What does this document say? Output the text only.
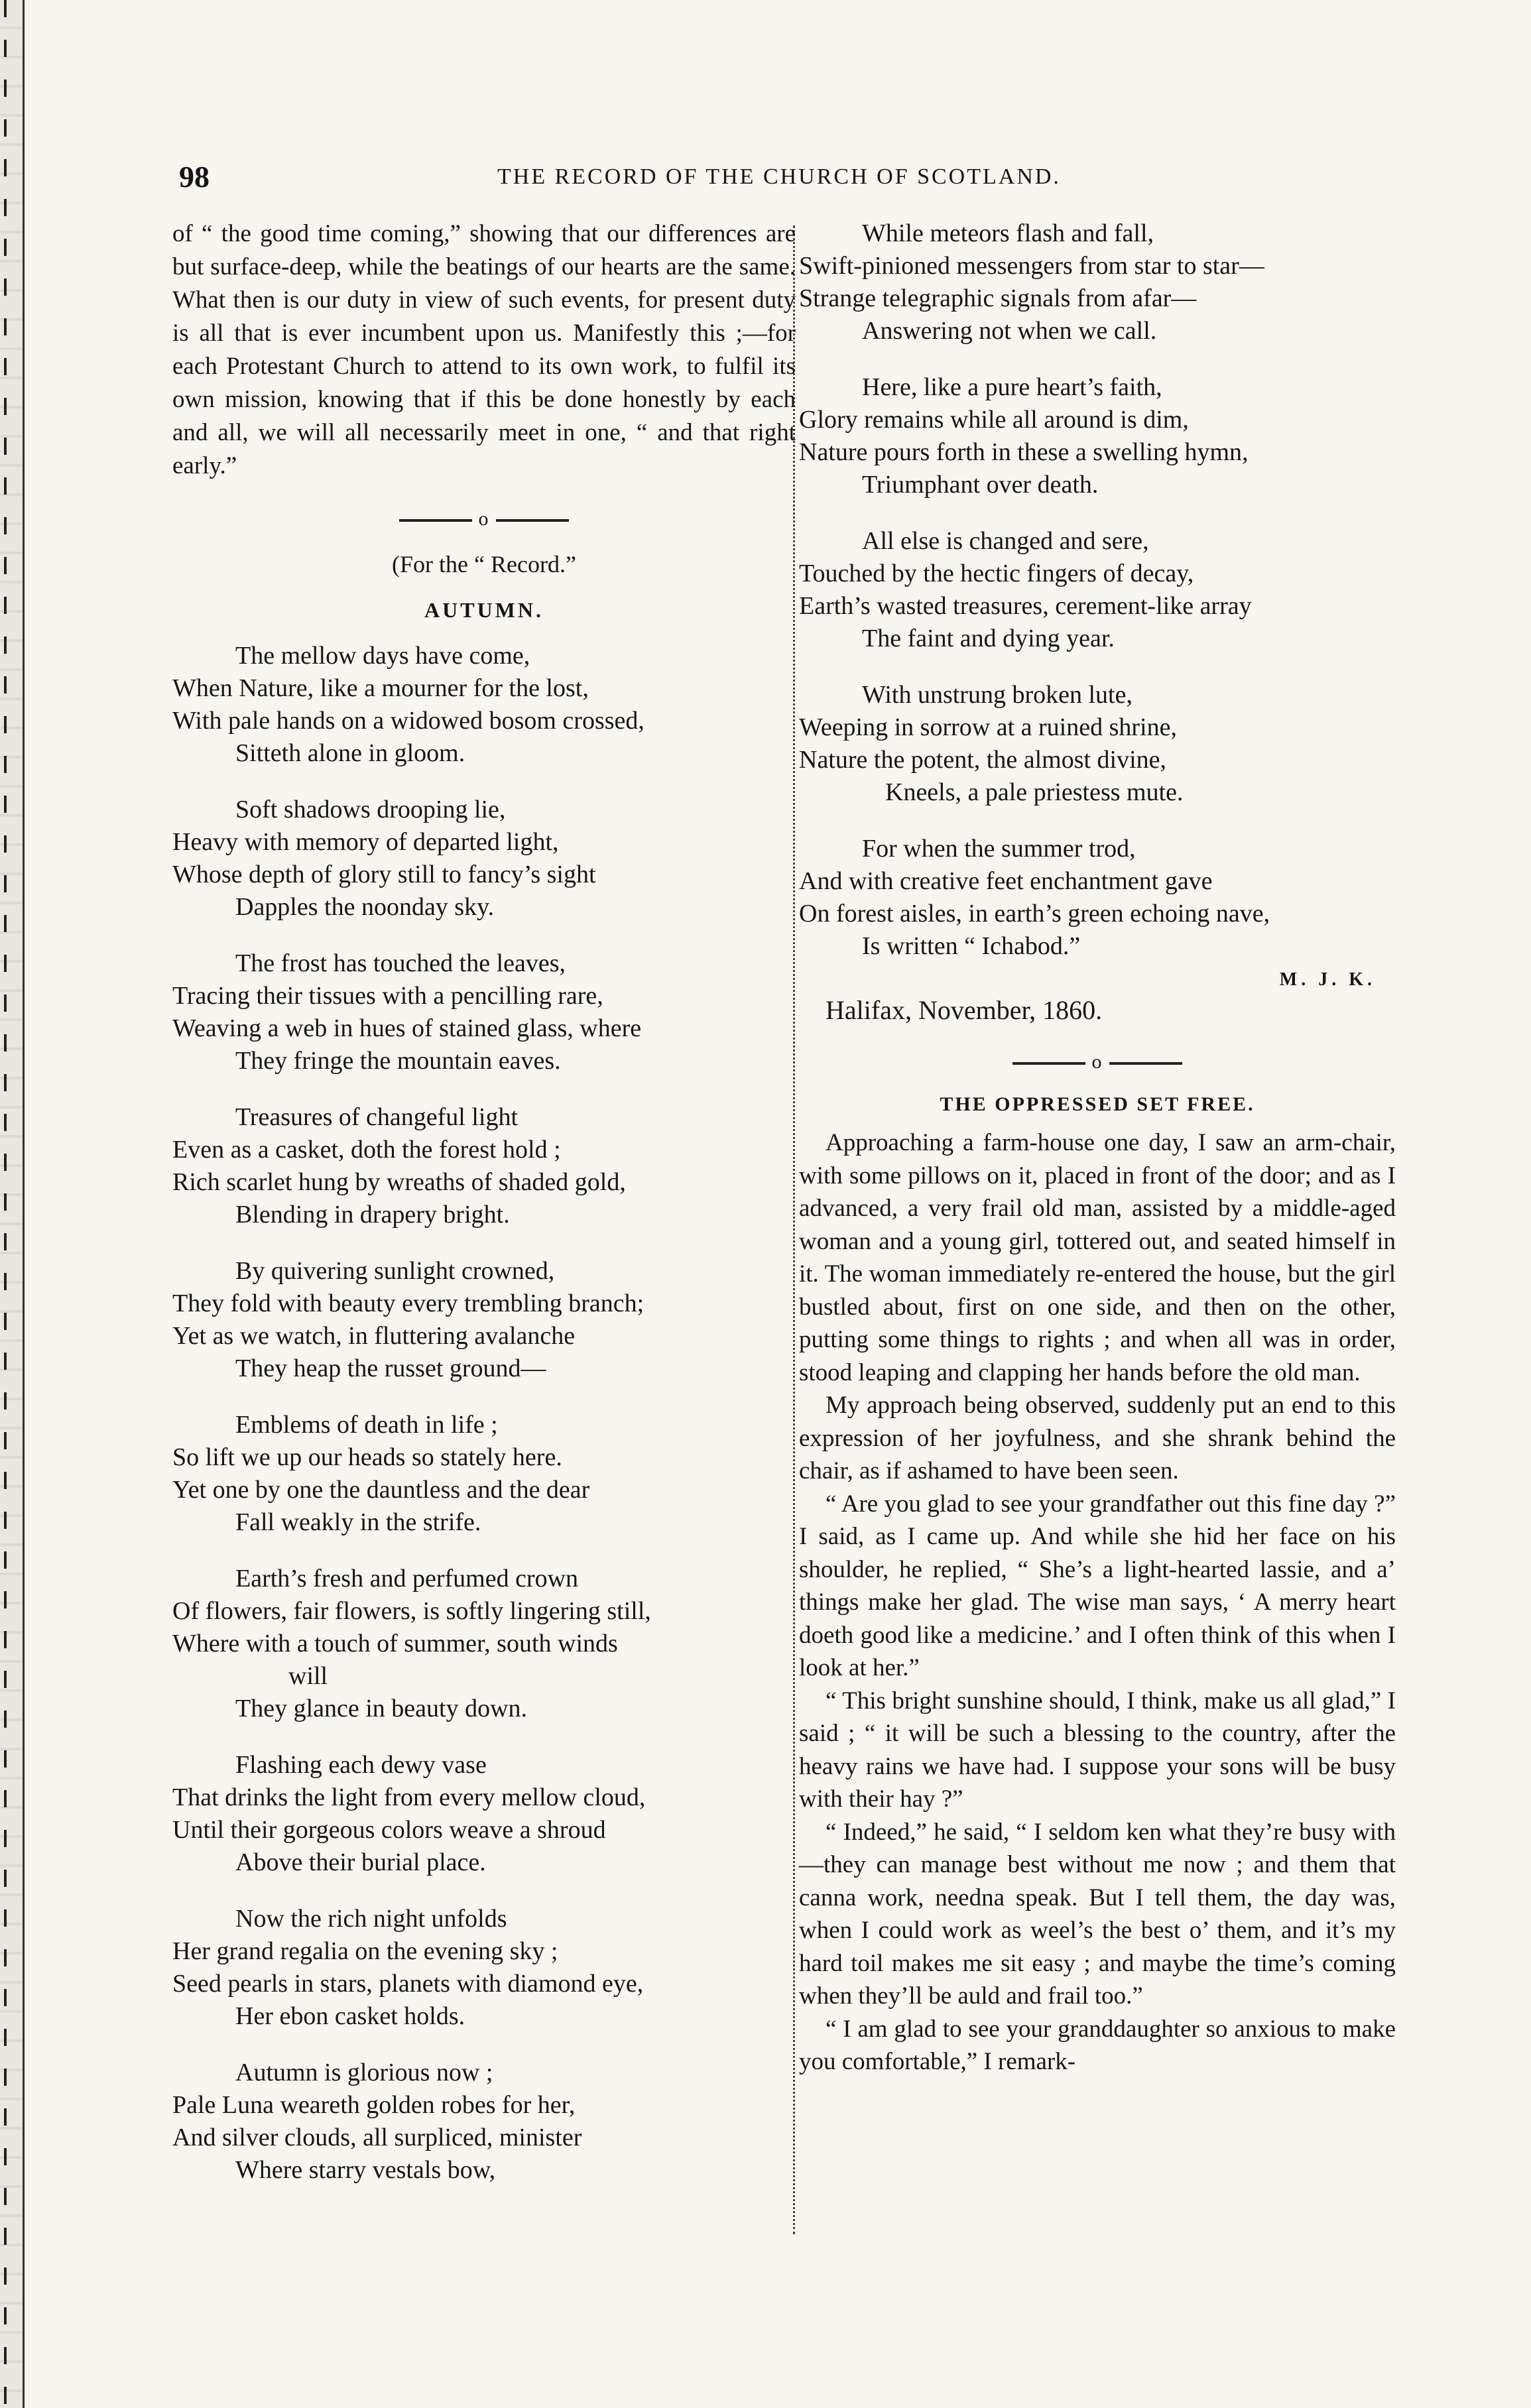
98	THE RECORD OF THE CHURCH OF SCOTLAND.

of “ the good time coming,” showing that our differences are but surface-deep, while the beatings of our hearts are the same. What then is our duty in view of such events, for present duty is all that is ever incumbent upon us. Manifestly this ;—for each Protestant Church to attend to its own work, to fulfil its own mission, knowing that if this be done honestly by each and all, we will all necessarily meet in one, “ and that right early.”

o
(For the “ Record.”
AUTUMN.
The mellow days have come,
When Nature, like a mourner for the lost,
With pale hands on a widowed bosom crossed,
Sitteth alone in gloom.
Soft shadows drooping lie,
Heavy with memory of departed light,
Whose depth of glory still to fancy’s sight
Dapples the noonday sky.
The frost has touched the leaves,
Tracing their tissues with a pencilling rare,
Weaving a web in hues of stained glass, where
They fringe the mountain eaves.
Treasures of changeful light
Even as a casket, doth the forest hold ;
Rich scarlet hung by wreaths of shaded gold,
Blending in drapery bright.
By quivering sunlight crowned,
They fold with beauty every trembling branch;
Yet as we watch, in fluttering avalanche
They heap the russet ground—
Emblems of death in life ;
So lift we up our heads so stately here.
Yet one by one the dauntless and the dear
Fall weakly in the strife.
Earth’s fresh and perfumed crown
Of flowers, fair flowers, is softly lingering still,
Where with a touch of summer, south winds
will
They glance in beauty down.
Flashing each dewy vase
That drinks the light from every mellow cloud,
Until their gorgeous colors weave a shroud
Above their burial place.
Now the rich night unfolds
Her grand regalia on the evening sky ;
Seed pearls in stars, planets with diamond eye,
Her ebon casket holds.
Autumn is glorious now ;
Pale Luna weareth golden robes for her,
And silver clouds, all surpliced, minister
Where starry vestals bow,
While meteors flash and fall,
Swift-pinioned messengers from star to star—
Strange telegraphic signals from afar—
Answering not when we call.
Here, like a pure heart’s faith,
Glory remains while all around is dim,
Nature pours forth in these a swelling hymn,
Triumphant over death.
All else is changed and sere,
Touched by the hectic fingers of decay,
Earth’s wasted treasures, cerement-like array
The faint and dying year.
With unstrung broken lute,
Weeping in sorrow at a ruined shrine,
Nature the potent, the almost divine,
Kneels, a pale priestess mute.
For when the summer trod,
And with creative feet enchantment gave
On forest aisles, in earth’s green echoing nave,
Is written “ Ichabod.”
M. J. K.
Halifax, November, 1860.
o
THE OPPRESSED SET FREE.

Approaching a farm-house one day, I saw an arm-chair, with some pillows on it, placed in front of the door; and as I advanced, a very frail old man, assisted by a middle-aged woman and a young girl, tottered out, and seated himself in it. The woman immediately re-entered the house, but the girl bustled about, first on one side, and then on the other, putting some things to rights ; and when all was in order, stood leaping and clapping her hands before the old man.

My approach being observed, suddenly put an end to this expression of her joyfulness, and she shrank behind the chair, as if ashamed to have been seen.

“ Are you glad to see your grandfather out this fine day ?” I said, as I came up. And while she hid her face on his shoulder, he replied, “ She’s a light-hearted lassie, and a’ things make her glad. The wise man says, ‘ A merry heart doeth good like a medicine.’ and I often think of this when I look at her.”

“ This bright sunshine should, I think, make us all glad,” I said ; “ it will be such a blessing to the country, after the heavy rains we have had. I suppose your sons will be busy with their hay ?”

“ Indeed,” he said, “ I seldom ken what they’re busy with—they can manage best without me now ; and them that canna work, needna speak. But I tell them, the day was, when I could work as weel’s the best o’ them, and it’s my hard toil makes me sit easy ; and maybe the time’s coming when they’ll be auld and frail too.”

“ I am glad to see your granddaughter so anxious to make you comfortable,” I remark-
